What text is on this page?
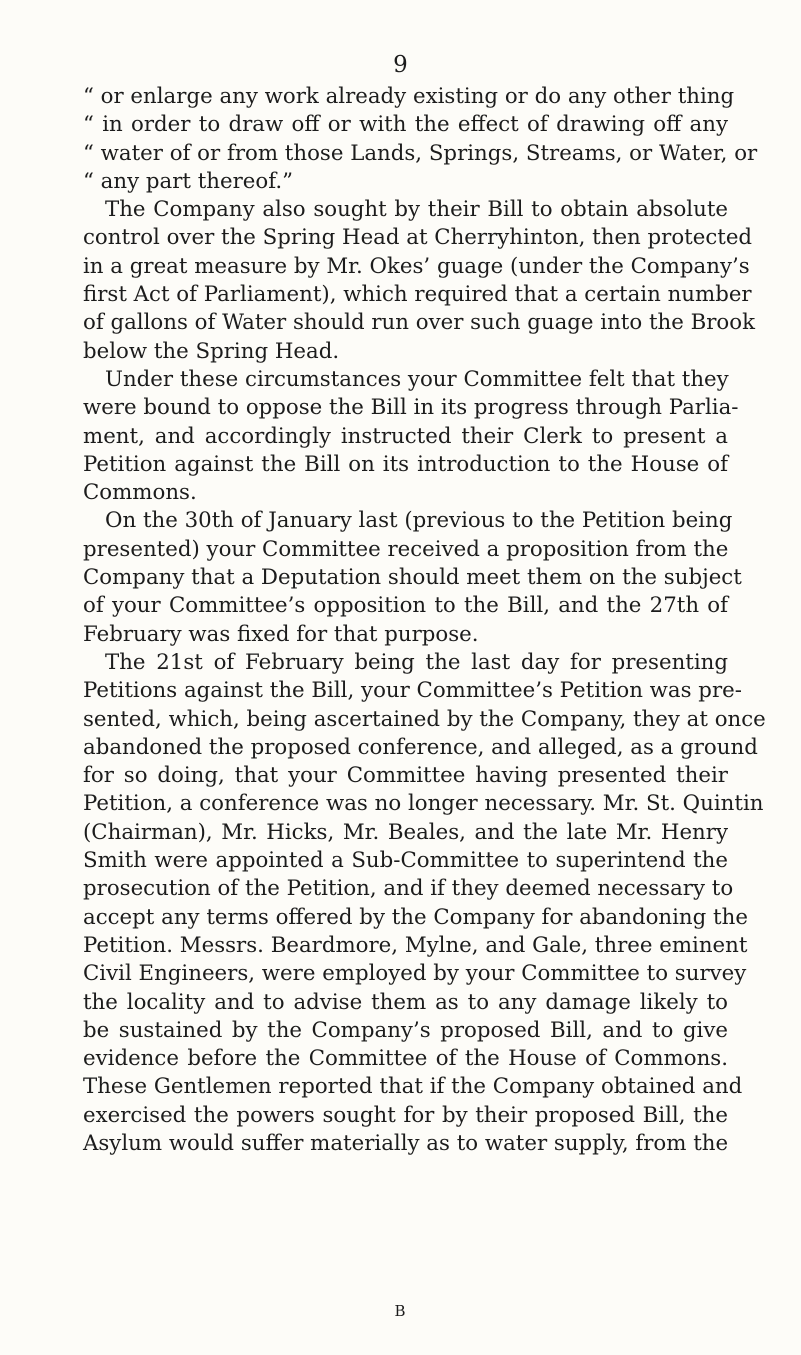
9
“ or enlarge any work already existing or do any other thing
“ in order to draw off or with the effect of drawing off any
“ water of or from those Lands, Springs, Streams, or Water, or
“ any part thereof.”
The Company also sought by their Bill to obtain absolute
control over the Spring Head at Cherryhinton, then protected
in a great measure by Mr. Okes’ guage (under the Company’s
first Act of Parliament), which required that a certain number
of gallons of Water should run over such guage into the Brook
below the Spring Head.
Under these circumstances your Committee felt that they
were bound to oppose the Bill in its progress through Parlia-
ment, and accordingly instructed their Clerk to present a
Petition against the Bill on its introduction to the House of
Commons.
On the 30th of January last (previous to the Petition being
presented) your Committee received a proposition from the
Company that a Deputation should meet them on the subject
of your Committee’s opposition to the Bill, and the 27th of
February was fixed for that purpose.
The 21st of February being the last day for presenting
Petitions against the Bill, your Committee’s Petition was pre-
sented, which, being ascertained by the Company, they at once
abandoned the proposed conference, and alleged, as a ground
for so doing, that your Committee having presented their
Petition, a conference was no longer necessary. Mr. St. Quintin
(Chairman), Mr. Hicks, Mr. Beales, and the late Mr. Henry
Smith were appointed a Sub-Committee to superintend the
prosecution of the Petition, and if they deemed necessary to
accept any terms offered by the Company for abandoning the
Petition. Messrs. Beardmore, Mylne, and Gale, three eminent
Civil Engineers, were employed by your Committee to survey
the locality and to advise them as to any damage likely to
be sustained by the Company’s proposed Bill, and to give
evidence before the Committee of the House of Commons.
These Gentlemen reported that if the Company obtained and
exercised the powers sought for by their proposed Bill, the
Asylum would suffer materially as to water supply, from the
B
